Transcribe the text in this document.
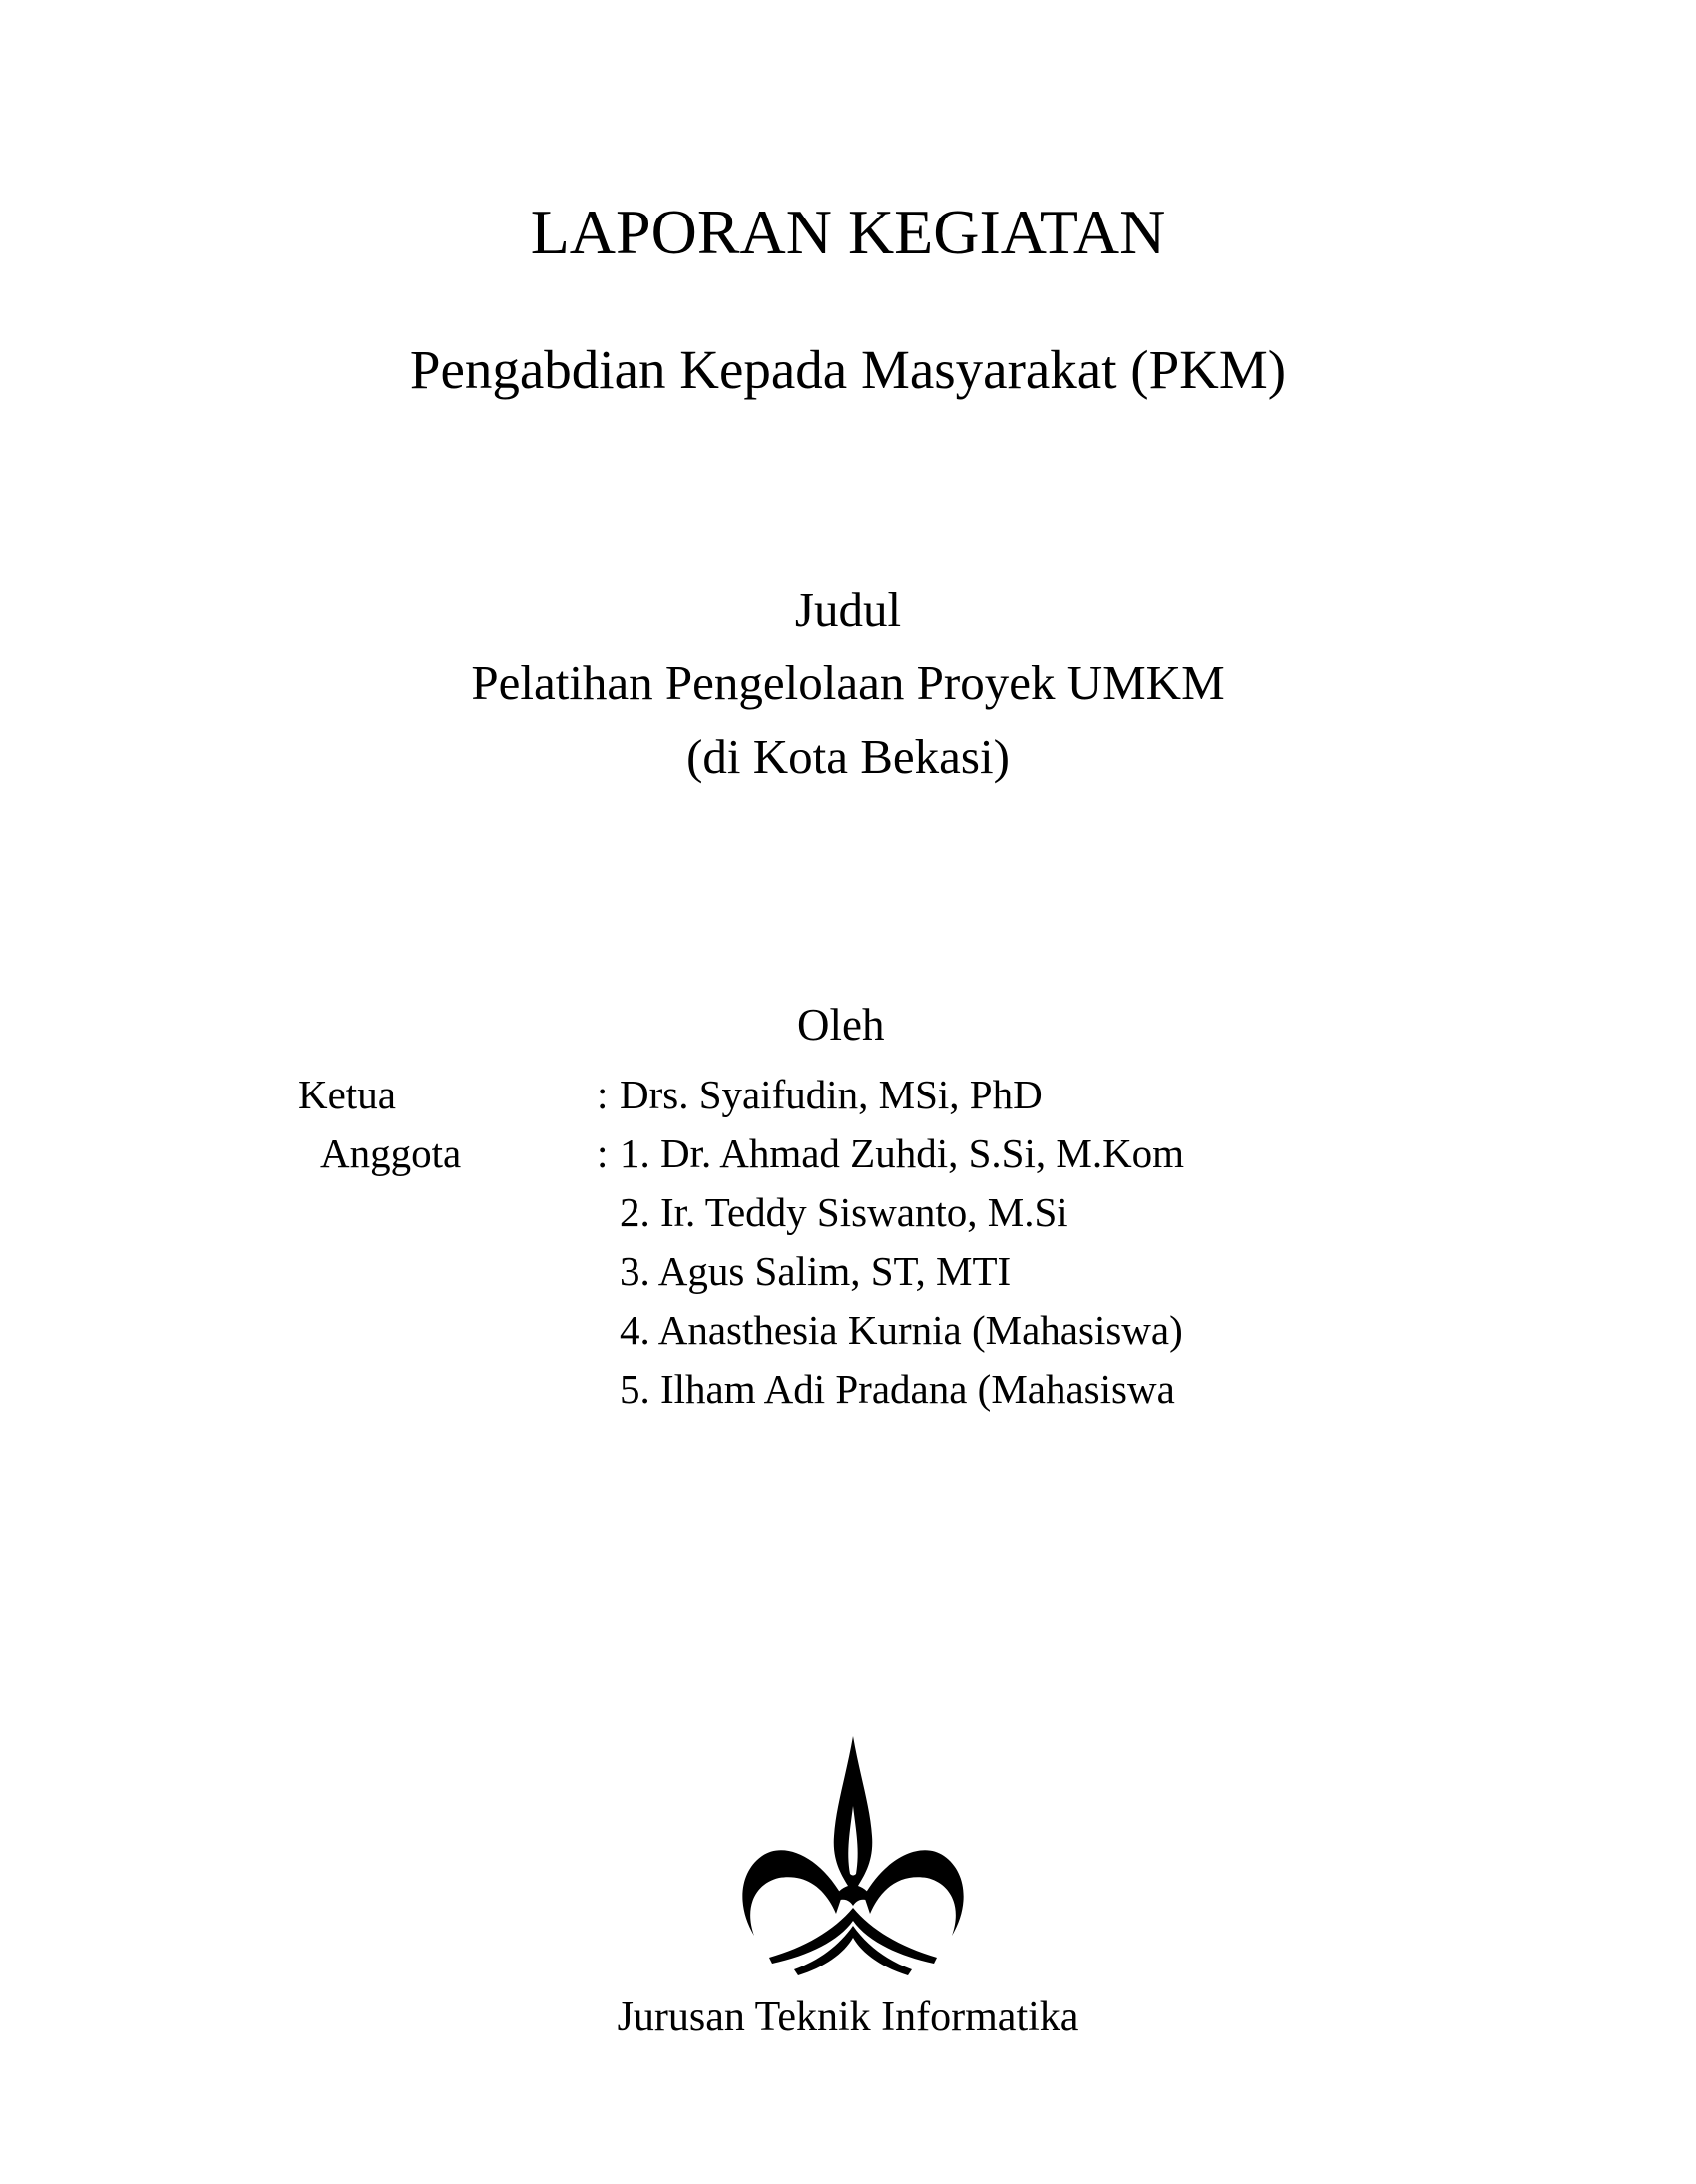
LAPORAN KEGIATAN
Pengabdian Kepada Masyarakat (PKM)
Judul
Pelatihan Pengelolaan Proyek UMKM
(di Kota Bekasi)
Oleh
Ketua	: Drs. Syaifudin, MSi, PhD
Anggota	: 1. Dr. Ahmad Zuhdi, S.Si, M.Kom
2. Ir. Teddy Siswanto, M.Si
3. Agus Salim, ST, MTI
4. Anasthesia Kurnia (Mahasiswa)
5. Ilham Adi Pradana (Mahasiswa
Jurusan Teknik Informatika
